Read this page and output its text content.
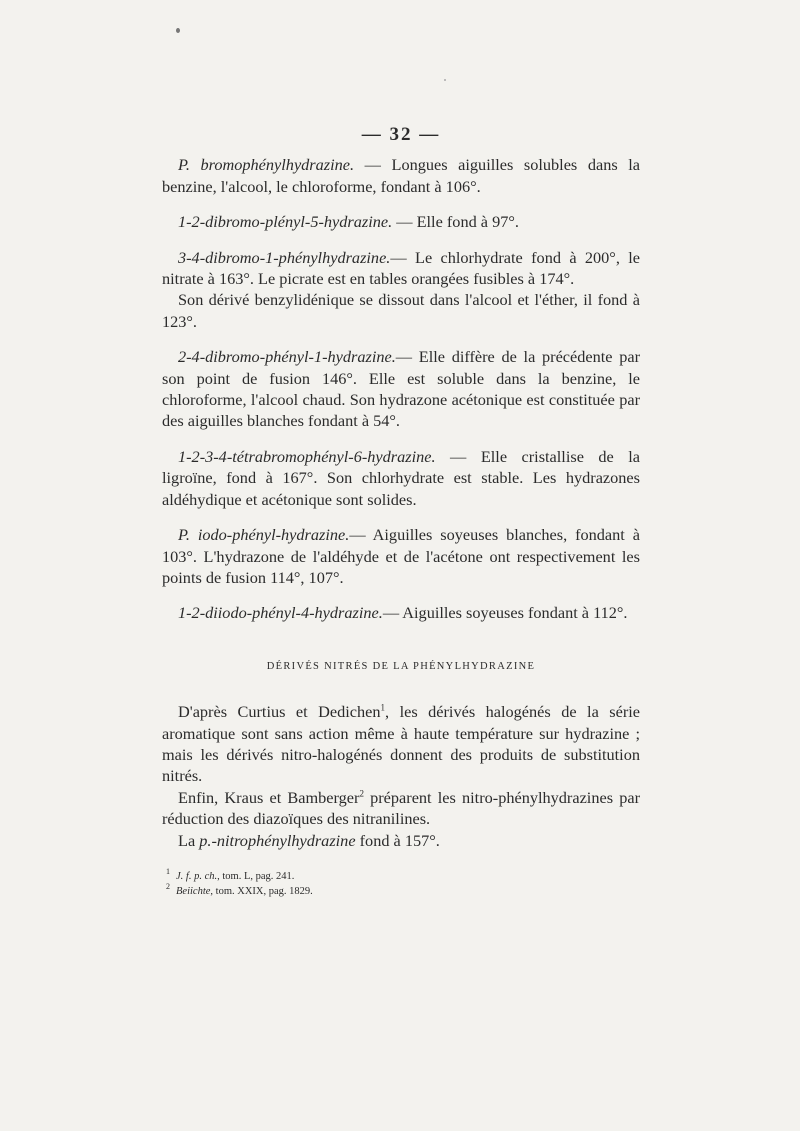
— 32 —

P. bromophénylhydrazine. — Longues aiguilles solubles dans la benzine, l'alcool, le chloroforme, fondant à 106°.

1-2-dibromo-plényl-5-hydrazine. — Elle fond à 97°.

3-4-dibromo-1-phénylhydrazine.— Le chlorhydrate fond à 200°, le nitrate à 163°. Le picrate est en tables orangées fusibles à 174°.

Son dérivé benzylidénique se dissout dans l'alcool et l'éther, il fond à 123°.

2-4-dibromo-phényl-1-hydrazine.— Elle diffère de la précédente par son point de fusion 146°. Elle est soluble dans la benzine, le chloroforme, l'alcool chaud. Son hydrazone acétonique est constituée par des aiguilles blanches fondant à 54°.

1-2-3-4-tétrabromophényl-6-hydrazine. — Elle cristallise de la ligroïne, fond à 167°. Son chlorhydrate est stable. Les hydrazones aldéhydique et acétonique sont solides.

P. iodo-phényl-hydrazine.— Aiguilles soyeuses blanches, fondant à 103°. L'hydrazone de l'aldéhyde et de l'acétone ont respectivement les points de fusion 114°, 107°.

1-2-diiodo-phényl-4-hydrazine.— Aiguilles soyeuses fondant à 112°.

DÉRIVÉS NITRÉS DE LA PHÉNYLHYDRAZINE

D'après Curtius et Dedichen$^1$, les dérivés halogénés de la série aromatique sont sans action même à haute température sur hydrazine ; mais les dérivés nitro-halogénés donnent des produits de substitution nitrés.

Enfin, Kraus et Bamberger$^2$ préparent les nitro-phénylhydrazines par réduction des diazoïques des nitranilines.

La p.-nitrophénylhydrazine fond à 157°.

$^1$ J. f. p. ch., tom. L, pag. 241.

$^2$ Beiichte, tom. XXIX, pag. 1829.
